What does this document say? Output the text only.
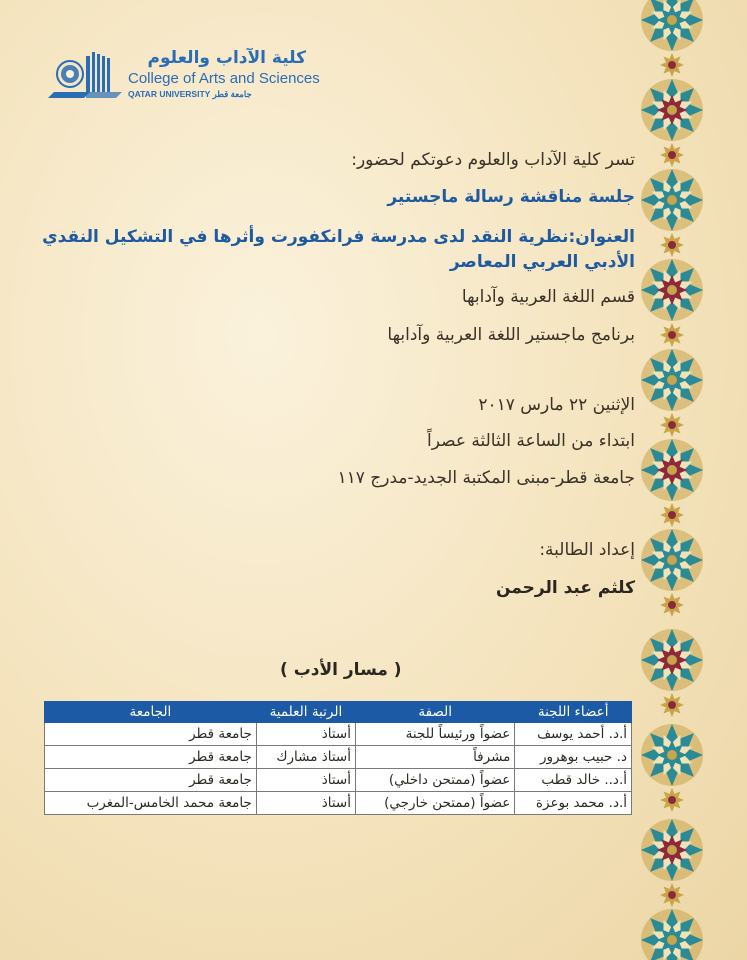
كلية الآداب والعلوم
College of Arts and Sciences
QATAR UNIVERSITY جامعة قطر
تسر كلية الآداب والعلوم دعوتكم لحضور:
جلسة مناقشة رسالة ماجستير
العنوان:نظرية النقد لدى مدرسة فرانكفورت وأثرها في التشكيل النقدي
الأدبي العربي المعاصر
قسم اللغة العربية وآدابها
برنامج ماجستير اللغة العربية وآدابها
الإثنين ٢٢ مارس ٢٠١٧
ابتداء من الساعة الثالثة عصراً
جامعة قطر-مبنى المكتبة الجديد-مدرج ١١٧
إعداد الطالبة:
كلثم عبد الرحمن
( مسار الأدب )
أعضاء اللجنة	الصفة	الرتبة العلمية	الجامعة
أ.د. أحمد يوسف	عضواً ورئيساً للجنة	أستاذ	جامعة قطر
د. حبيب بوهرور	مشرفاً	أستاذ مشارك	جامعة قطر
أ.د.. خالد قطب	عضواً (ممتحن داخلي)	أستاذ	جامعة قطر
أ.د. محمد بوعزة	عضواً (ممتحن خارجي)	أستاذ	جامعة محمد الخامس-المغرب
